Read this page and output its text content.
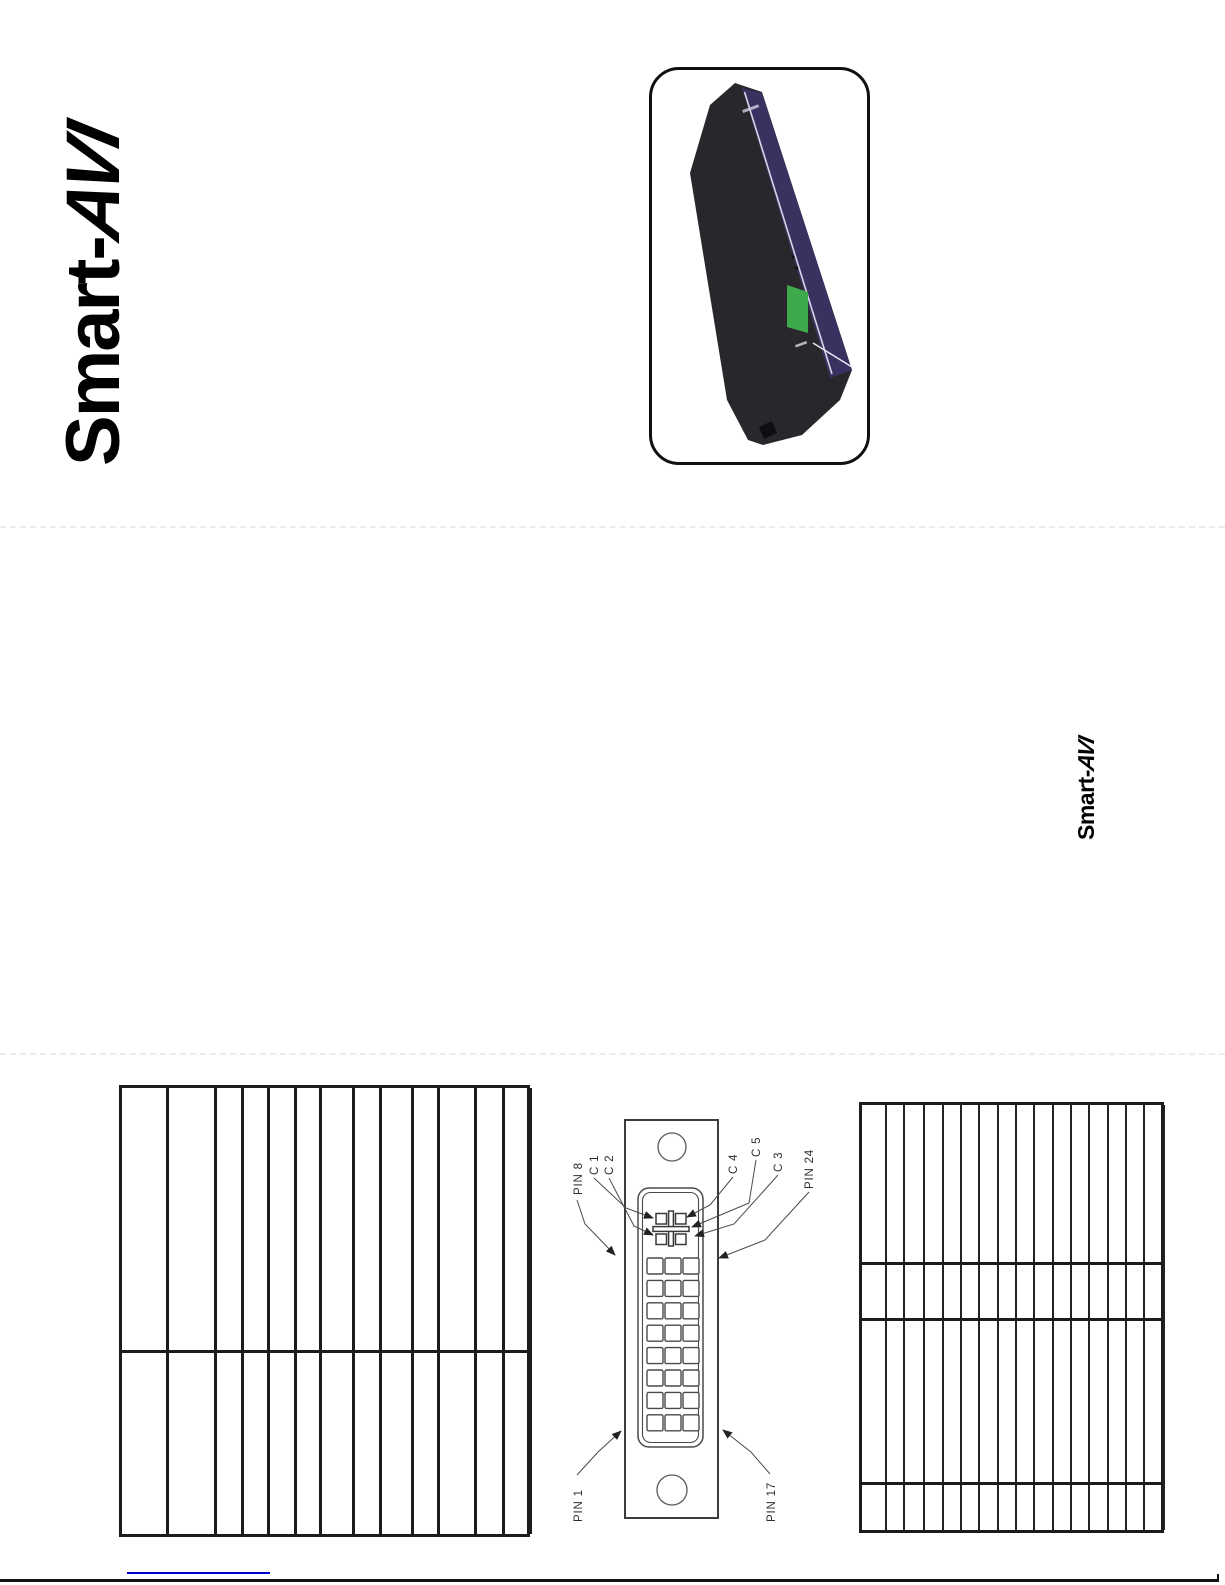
Smart-AVI
Smart-AVI
PIN 8 C 1 C 2	C 4
C 5
C 3 PIN 24
PIN 1	PIN 17
